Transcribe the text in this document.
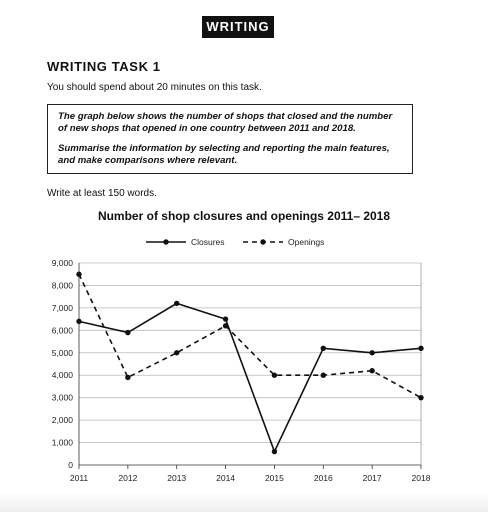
WRITING
WRITING TASK 1
You should spend about 20 minutes on this task.

The graph below shows the number of shops that closed and the number of new shops that opened in one country between 2011 and 2018.

Summarise the information by selecting and reporting the main features, and make comparisons where relevant.

Write at least 150 words.
Number of shop closures and openings 2011– 2018
0
1,000
2,000
3,000
4,000
5,000
6,000
7,000
8,000
9,000
2011	2012	2013	2014	2015	2016	2017	2018
Closures	Openings
